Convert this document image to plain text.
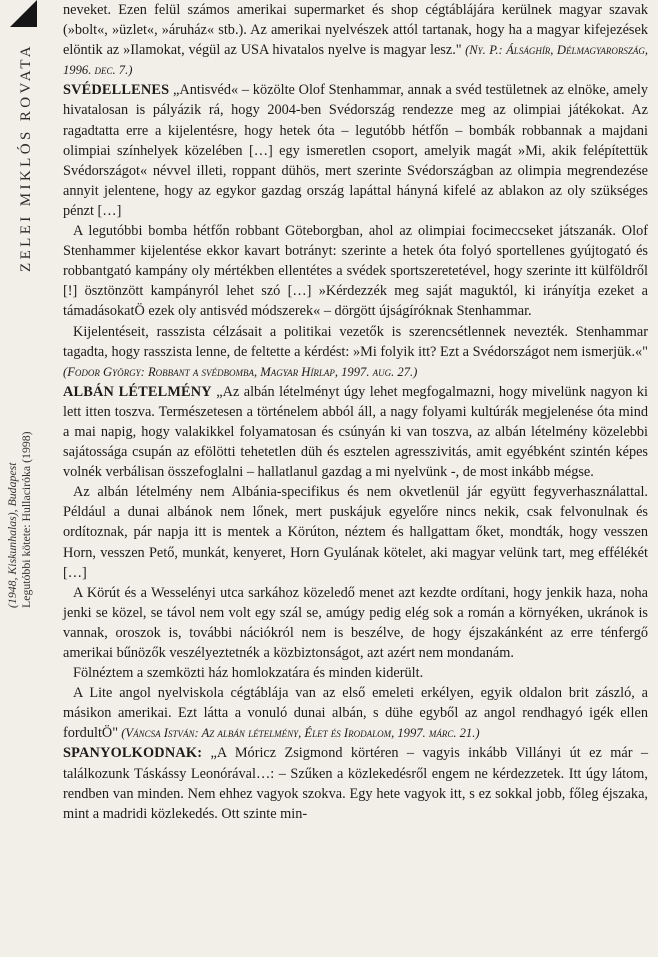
ZELEI MIKLÓS ROVATA
(1948, Kiskunhalas), Budapest Legutóbbi kötete: Hullacirόka (1998)

neveket. Ezen felül számos amerikai supermarket és shop cégtáblájára kerülnek magyar szavak (»bolt«, »üzlet«, »áruház« stb.). Az amerikai nyelvészek attól tartanak, hogy ha a magyar kifejezések elöntik az »Ilamokat, végül az USA hivatalos nyelve is magyar lesz." (Ny. P.: Álsághír, Délmagyarország, 1996. dec. 7.)

SVÉDELLENES „Antisvéd« – közölte Olof Stenhammar, annak a svéd testületnek az elnöke, amely hivatalosan is pályázik rá, hogy 2004-ben Svédország rendezze meg az olimpiai játékokat. Az ragadtatta erre a kijelentésre, hogy hetek óta – legutóbb hétfőn – bombák robbannak a majdani olimpiai színhelyek közelében […] egy ismeretlen csoport, amelyik magát »Mi, akik felépítettük Svédországot« névvel illeti, roppant dühös, mert szerinte Svédországban az olimpia megrendezése annyit jelentene, hogy az egykor gazdag ország lapáttal hányná kifelé az ablakon az oly szükséges pénzt […]

A legutóbbi bomba hétfőn robbant Göteborgban, ahol az olimpiai focimeccseket játszanák. Olof Stenhammer kijelentése ekkor kavart botrányt: szerinte a hetek óta folyó sportellenes gyújtogató és robbantgató kampány oly mértékben ellentétes a svédek sportszeretetével, hogy szerinte itt külföldről [!] ösztönzött kampányról lehet szó […] »Kérdezzék meg saját maguktól, ki irányítja ezeket a támadásokatÖ ezek oly antisvéd módszerek« – dörgött újságíróknak Stenhammar.

Kijelentéseit, rasszista célzásait a politikai vezetők is szerencsétlennek nevezték. Stenhammar tagadta, hogy rasszista lenne, de feltette a kérdést: »Mi folyik itt? Ezt a Svédországot nem ismerjük.«" (Fodor György: Robbant a svédbomba, Magyar Hírlap, 1997. aug. 27.)

ALBÁN LÉTELMÉNY „Az albán lételményt úgy lehet megfogalmazni, hogy mivelünk nagyon ki lett itten toszva. Természetesen a történelem abból áll, a nagy folyami kultúrák megjelenése óta mind a mai napig, hogy valakikkel folyamatosan és csúnyán ki van toszva, az albán lételmény közelebbi sajátossága csupán az efölötti tehetetlen düh és esztelen agresszivitás, amit egyébként szintén képes volnék verbálisan összefoglalni – hallatlanul gazdag a mi nyelvünk -, de most inkább mégse.

Az albán lételmény nem Albánia-specifikus és nem okvetlenül jár együtt fegyverhasználattal. Például a dunai albánok nem lőnek, mert puskájuk egyelőre nincs nekik, csak felvonulnak és ordítoznak, pár napja itt is mentek a Körúton, néztem és hallgattam őket, mondták, hogy vesszen Horn, vesszen Pető, munkát, kenyeret, Horn Gyulának kötelet, aki magyar velünk tart, meg effélékét […]

A Körút és a Wesselényi utca sarkához közeledő menet azt kezdte ordítani, hogy jenkik haza, noha jenki se közel, se távol nem volt egy szál se, amúgy pedig elég sok a román a környéken, ukránok is vannak, oroszok is, további nációkról nem is beszélve, de hogy éjszakánként az erre ténfergő amerikai bűnözők veszélyeztetnék a közbiztonságot, azt azért nem mondanám.

Fölnéztem a szemközti ház homlokzatára és minden kiderült.

A Lite angol nyelviskola cégtáblája van az első emeleti erkélyen, egyik oldalon brit zászló, a másikon amerikai. Ezt látta a vonuló dunai albán, s dühe egyből az angol rendhagyó igék ellen fordultÖ" (Váncsa István: Az albán lételmény, Élet és Irodalom, 1997. márc. 21.)

SPANYOLKODNAK: „A Móricz Zsigmond körtéren – vagyis inkább Villányi út ez már – találkozunk Táskássy Leonórával…: – Szűken a közlekedésről engem ne kérdezzetek. Itt úgy látom, rendben van minden. Nem ehhez vagyok szokva. Egy hete vagyok itt, s ez sokkal jobb, főleg éjszaka, mint a madridi közlekedés. Ott szinte min-
